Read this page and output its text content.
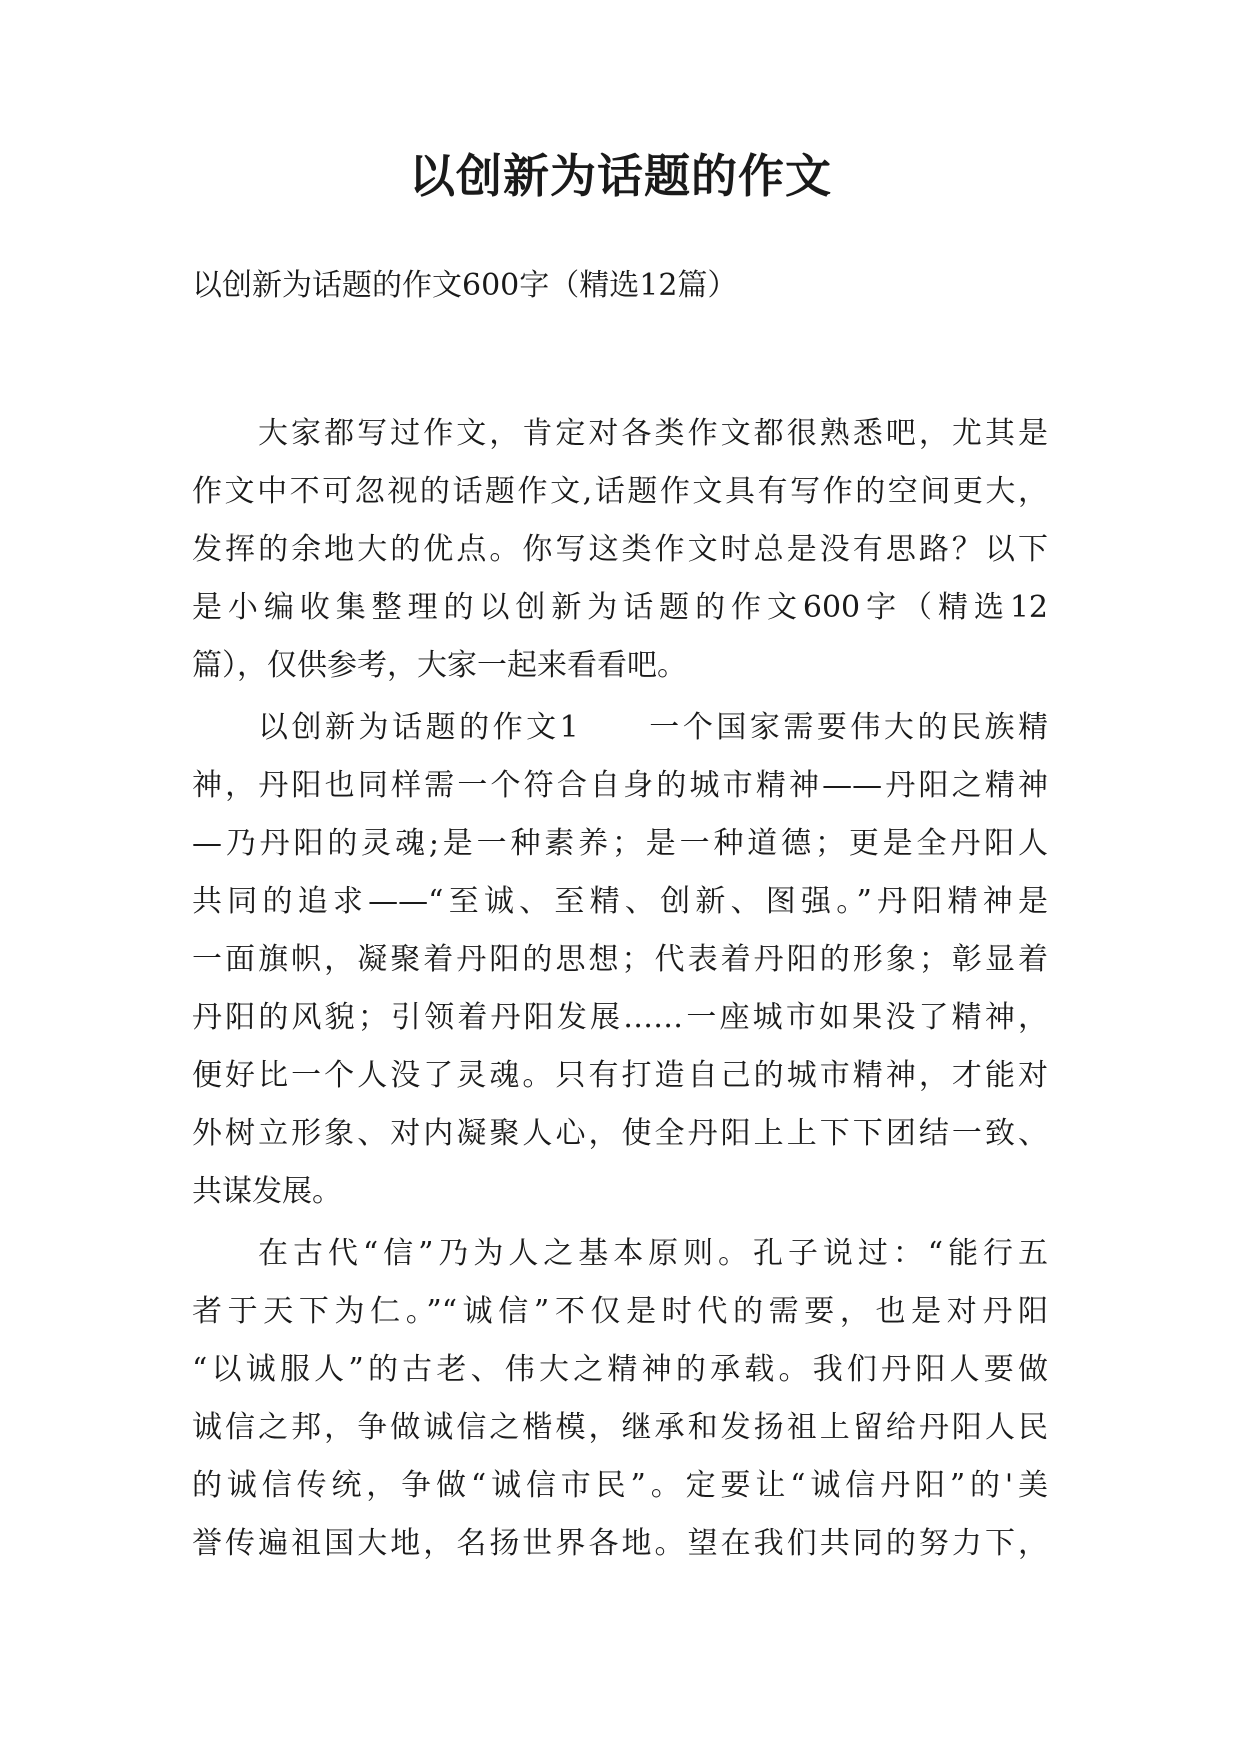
以创新为话题的作文

以创新为话题的作文600字（精选12篇）

大家都写过作文，肯定对各类作文都很熟悉吧，尤其是
作文中不可忽视的话题作文,话题作文具有写作的空间更大，
发挥的余地大的优点。你写这类作文时总是没有思路？以下
是小编收集整理的以创新为话题的作文600字（精选12
篇），仅供参考，大家一起来看看吧。
以创新为话题的作文1　　一个国家需要伟大的民族精
神，丹阳也同样需一个符合自身的城市精神——丹阳之精神
—乃丹阳的灵魂;是一种素养；是一种道德；更是全丹阳人
共同的追求——“至诚、至精、创新、图强。”丹阳精神是
一面旗帜，凝聚着丹阳的思想；代表着丹阳的形象；彰显着
丹阳的风貌；引领着丹阳发展……一座城市如果没了精神，
便好比一个人没了灵魂。只有打造自己的城市精神，才能对
外树立形象、对内凝聚人心，使全丹阳上上下下团结一致、
共谋发展。
在古代“信”乃为人之基本原则。孔子说过：“能行五
者于天下为仁。”“诚信”不仅是时代的需要，也是对丹阳
“以诚服人”的古老、伟大之精神的承载。我们丹阳人要做
诚信之邦，争做诚信之楷模，继承和发扬祖上留给丹阳人民
的诚信传统，争做“诚信市民”。定要让“诚信丹阳”的'美
誉传遍祖国大地，名扬世界各地。望在我们共同的努力下，
